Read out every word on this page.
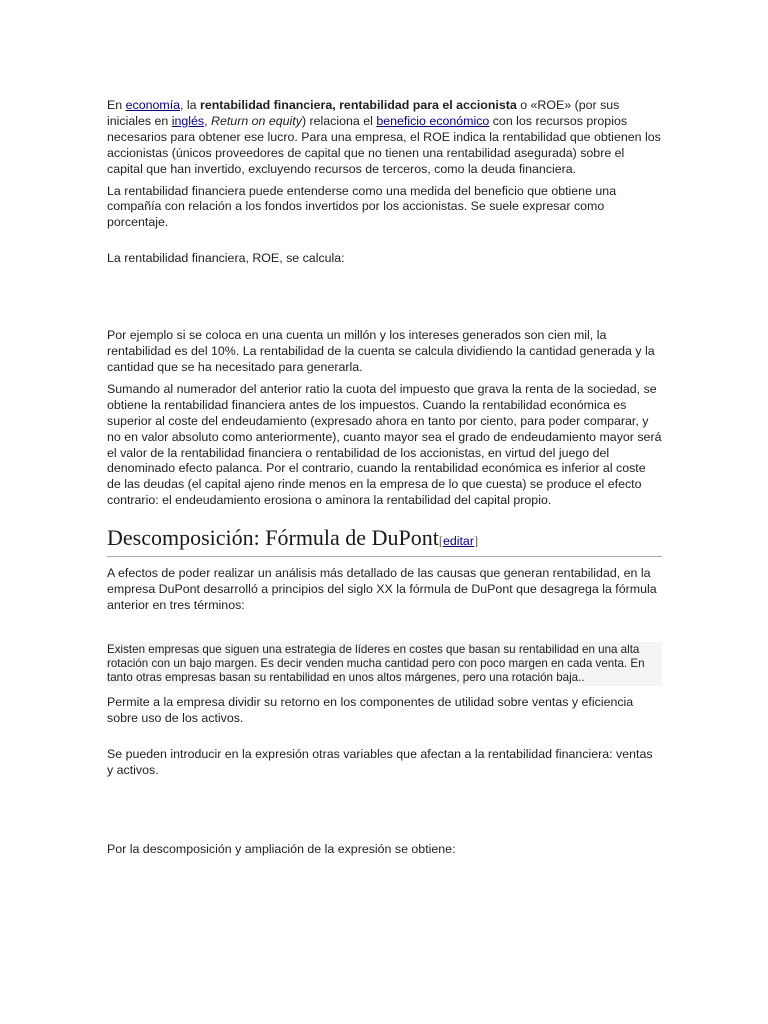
En economía, la rentabilidad financiera, rentabilidad para el accionista o «ROE» (por sus iniciales en inglés, Return on equity) relaciona el beneficio económico con los recursos propios necesarios para obtener ese lucro. Para una empresa, el ROE indica la rentabilidad que obtienen los accionistas (únicos proveedores de capital que no tienen una rentabilidad asegurada) sobre el capital que han invertido, excluyendo recursos de terceros, como la deuda financiera.

La rentabilidad financiera puede entenderse como una medida del beneficio que obtiene una compañía con relación a los fondos invertidos por los accionistas. Se suele expresar como porcentaje.

La rentabilidad financiera, ROE, se calcula:

Por ejemplo si se coloca en una cuenta un millón y los intereses generados son cien mil, la rentabilidad es del 10%. La rentabilidad de la cuenta se calcula dividiendo la cantidad generada y la cantidad que se ha necesitado para generarla.

Sumando al numerador del anterior ratio la cuota del impuesto que grava la renta de la sociedad, se obtiene la rentabilidad financiera antes de los impuestos. Cuando la rentabilidad económica es superior al coste del endeudamiento (expresado ahora en tanto por ciento, para poder comparar, y no en valor absoluto como anteriormente), cuanto mayor sea el grado de endeudamiento mayor será el valor de la rentabilidad financiera o rentabilidad de los accionistas, en virtud del juego del denominado efecto palanca. Por el contrario, cuando la rentabilidad económica es inferior al coste de las deudas (el capital ajeno rinde menos en la empresa de lo que cuesta) se produce el efecto contrario: el endeudamiento erosiona o aminora la rentabilidad del capital propio.

Descomposición: Fórmula de DuPont[editar]

A efectos de poder realizar un análisis más detallado de las causas que generan rentabilidad, en la empresa DuPont desarrolló a principios del siglo XX la fórmula de DuPont que desagrega la fórmula anterior en tres términos:

Existen empresas que siguen una estrategia de líderes en costes que basan su rentabilidad en una alta rotación con un bajo margen. Es decir venden mucha cantidad pero con poco margen en cada venta. En tanto otras empresas basan su rentabilidad en unos altos márgenes, pero una rotación baja..

Permite a la empresa dividir su retorno en los componentes de utilidad sobre ventas y eficiencia sobre uso de los activos.

Se pueden introducir en la expresión otras variables que afectan a la rentabilidad financiera: ventas y activos.

Por la descomposición y ampliación de la expresión se obtiene:
